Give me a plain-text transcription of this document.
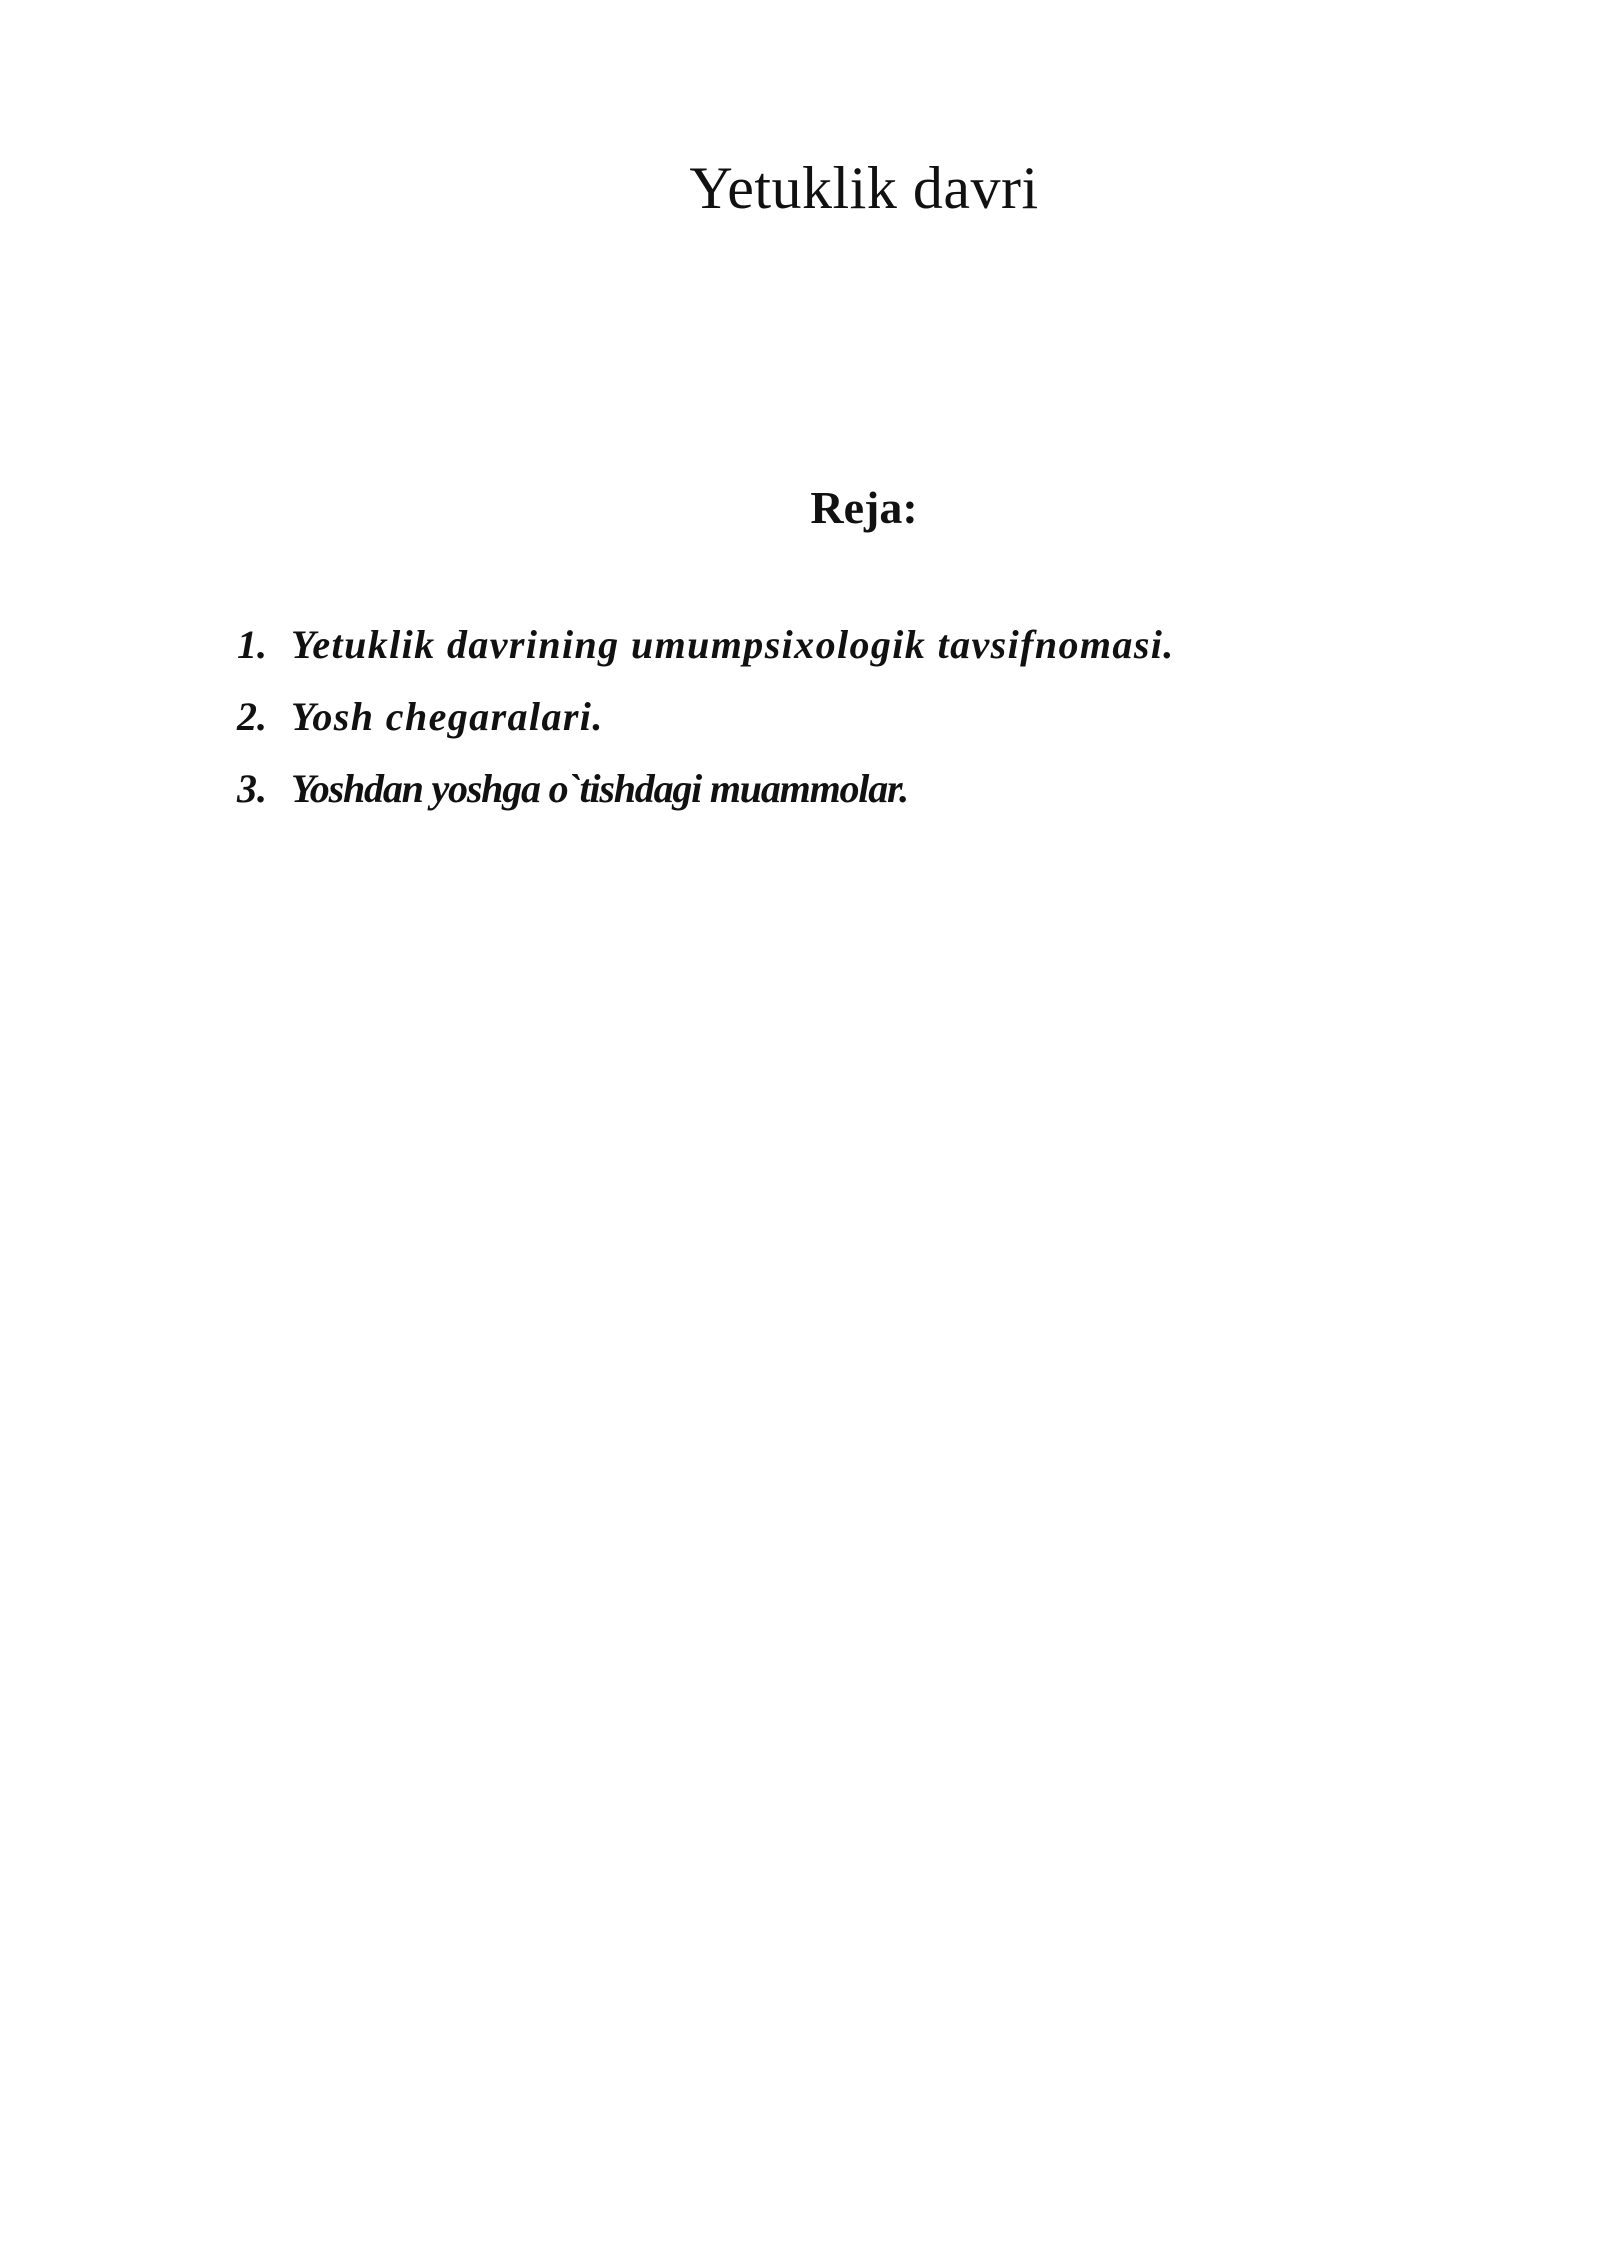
Yetuklik davri
Reja:
1. Yetuklik davrining umumpsixologik tavsifnomasi.
2. Yosh chegaralari.
3. Yoshdan yoshga o`tishdagi muammolar.
